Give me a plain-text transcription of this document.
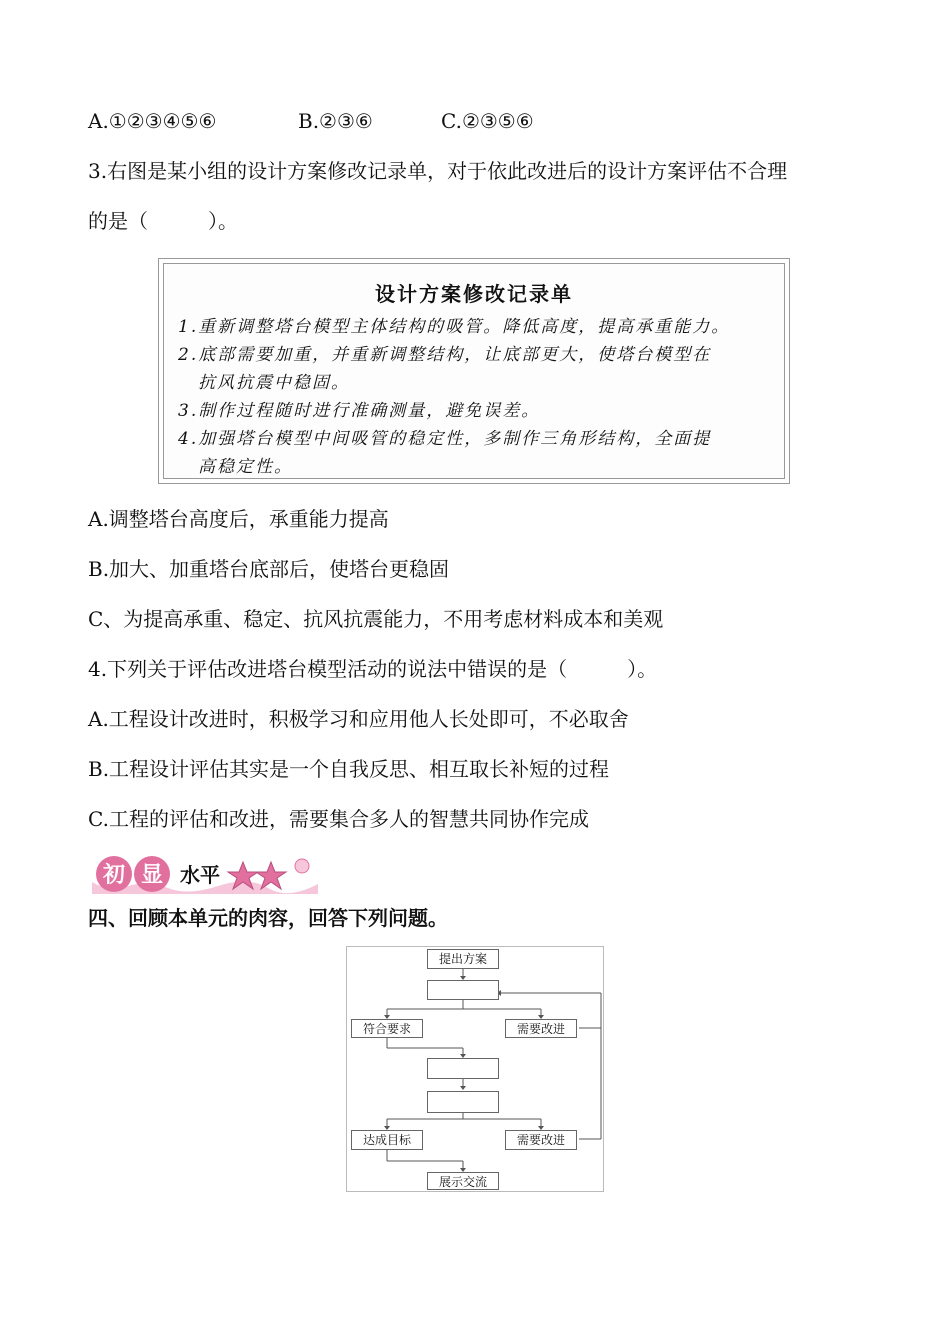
A.①②③④⑤⑥	B.②③⑥	C.②③⑤⑥
3.右图是某小组的设计方案修改记录单，对于依此改进后的设计方案评估不合理
的是（　　　）。
设计方案修改记录单
1.重新调整塔台模型主体结构的吸管。降低高度，提高承重能力。
2.底部需要加重，并重新调整结构，让底部更大，使塔台模型在
抗风抗震中稳固。
3.制作过程随时进行准确测量，避免误差。
4.加强塔台模型中间吸管的稳定性，多制作三角形结构，全面提
高稳定性。
A.调整塔台高度后，承重能力提高
B.加大、加重塔台底部后，使塔台更稳固
C、为提高承重、稳定、抗风抗震能力，不用考虑材料成本和美观
4.下列关于评估改进塔台模型活动的说法中错误的是（　　　）。
A.工程设计改进时，积极学习和应用他人长处即可，不必取舍
B.工程设计评估其实是一个自我反思、相互取长补短的过程
C.工程的评估和改进，需要集合多人的智慧共同协作完成
初 显 水平
四、回顾本单元的肉容，回答下列问题。
提出方案
符合要求	需要改进
达成目标	需要改进
展示交流
